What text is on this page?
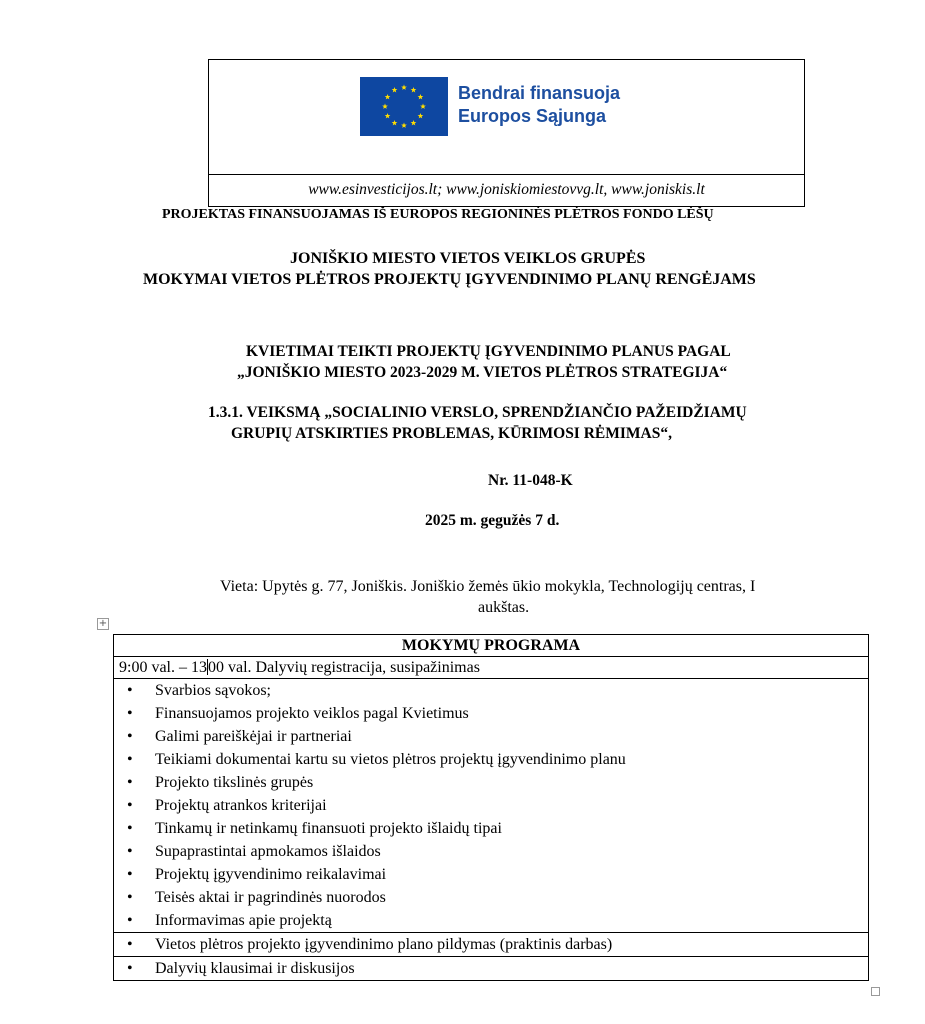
Bendrai finansuoja
Europos Sąjunga
www.esinvesticijos.lt; www.joniskiomiestovvg.lt, www.joniskis.lt
PROJEKTAS FINANSUOJAMAS IŠ EUROPOS REGIONINĖS PLĖTROS FONDO LĖŠŲ
JONIŠKIO MIESTO VIETOS VEIKLOS GRUPĖS
MOKYMAI VIETOS PLĖTROS PROJEKTŲ ĮGYVENDINIMO PLANŲ RENGĖJAMS
KVIETIMAI TEIKTI PROJEKTŲ ĮGYVENDINIMO PLANUS PAGAL
„JONIŠKIO MIESTO 2023-2029 M. VIETOS PLĖTROS STRATEGIJA“
1.3.1. VEIKSMĄ „SOCIALINIO VERSLO, SPRENDŽIANČIO PAŽEIDŽIAMŲ
GRUPIŲ ATSKIRTIES PROBLEMAS, KŪRIMOSI RĖMIMAS“,
Nr. 11-048-K
2025 m. gegužės 7 d.
Vieta: Upytės g. 77, Joniškis. Joniškio žemės ūkio mokykla, Technologijų centras, I
aukštas.
+
MOKYMŲ PROGRAMA
9:00 val. – 1300 val. Dalyvių registracija, susipažinimas

• Svarbios sąvokos;
• Finansuojamos projekto veiklos pagal Kvietimus
• Galimi pareiškėjai ir partneriai
• Teikiami dokumentai kartu su vietos plėtros projektų įgyvendinimo planu
• Projekto tikslinės grupės
• Projektų atrankos kriterijai
• Tinkamų ir netinkamų finansuoti projekto išlaidų tipai
• Supaprastintai apmokamos išlaidos
• Projektų įgyvendinimo reikalavimai
• Teisės aktai ir pagrindinės nuorodos
• Informavimas apie projektą

• Vietos plėtros projekto įgyvendinimo plano pildymas (praktinis darbas)

• Dalyvių klausimai ir diskusijos
